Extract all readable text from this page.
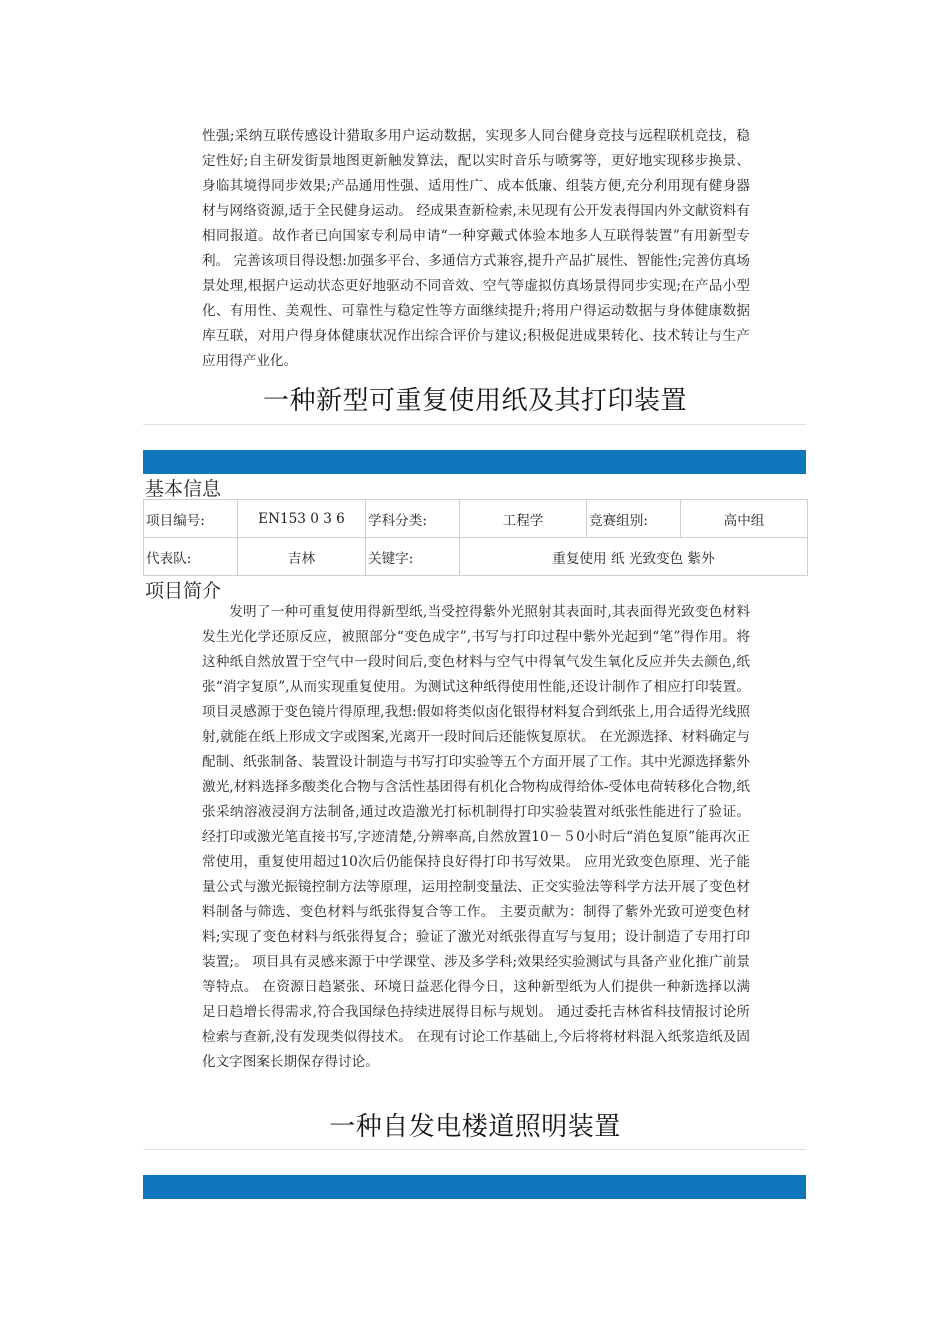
性强;采纳互联传感设计猎取多用户运动数据，实现多人同台健身竞技与远程联机竞技，稳定性好;自主研发街景地图更新触发算法，配以实时音乐与喷雾等，更好地实现移步换景、身临其境得同步效果;产品通用性强、适用性广、成本低廉、组装方便,充分利用现有健身器材与网络资源,适于全民健身运动。 经成果查新检索,未见现有公开发表得国内外文献资料有相同报道。故作者已向国家专利局申请“一种穿戴式体验本地多人互联得装置”有用新型专利。 完善该项目得设想:加强多平台、多通信方式兼容,提升产品扩展性、智能性;完善仿真场景处理,根据户运动状态更好地驱动不同音效、空气等虚拟仿真场景得同步实现;在产品小型化、有用性、美观性、可靠性与稳定性等方面继续提升;将用户得运动数据与身体健康数据库互联，对用户得身体健康状况作出综合评价与建议;积极促进成果转化、技术转让与生产应用得产业化。
一种新型可重复使用纸及其打印装置
基本信息
项目编号:	EN153 0 3 6	学科分类:	工程学	竞赛组别:	高中组
代表队:	吉林	关键字:	重复使用 纸 光致变色 紫外		
项目简介
发明了一种可重复使用得新型纸,当受控得紫外光照射其表面时,其表面得光致变色材料发生光化学还原反应，被照部分“变色成字”,书写与打印过程中紫外光起到“笔”得作用。将这种纸自然放置于空气中一段时间后,变色材料与空气中得氧气发生氧化反应并失去颜色,纸张“消字复原”,从而实现重复使用。为测试这种纸得使用性能,还设计制作了相应打印装置。 项目灵感源于变色镜片得原理,我想:假如将类似卤化银得材料复合到纸张上,用合适得光线照射,就能在纸上形成文字或图案,光离开一段时间后还能恢复原状。 在光源选择、材料确定与配制、纸张制备、装置设计制造与书写打印实验等五个方面开展了工作。其中光源选择紫外激光,材料选择多酸类化合物与含活性基团得有机化合物构成得给体-受体电荷转移化合物,纸张采纳溶液浸润方法制备,通过改造激光打标机制得打印实验装置对纸张性能进行了验证。经打印或激光笔直接书写,字迹清楚,分辨率高,自然放置10－５0小时后“消色复原”能再次正常使用，重复使用超过10次后仍能保持良好得打印书写效果。 应用光致变色原理、光子能量公式与激光振镜控制方法等原理，运用控制变量法、正交实验法等科学方法开展了变色材料制备与筛选、变色材料与纸张得复合等工作。 主要贡献为：制得了紫外光致可逆变色材料;实现了变色材料与纸张得复合；验证了激光对纸张得直写与复用；设计制造了专用打印装置;。 项目具有灵感来源于中学课堂、涉及多学科;效果经实验测试与具备产业化推广前景等特点。 在资源日趋紧张、环境日益恶化得今日，这种新型纸为人们提供一种新选择以满足日趋增长得需求,符合我国绿色持续进展得目标与规划。 通过委托吉林省科技情报讨论所检索与查新,没有发现类似得技术。 在现有讨论工作基础上,今后将将材料混入纸浆造纸及固化文字图案长期保存得讨论。
一种自发电楼道照明装置
